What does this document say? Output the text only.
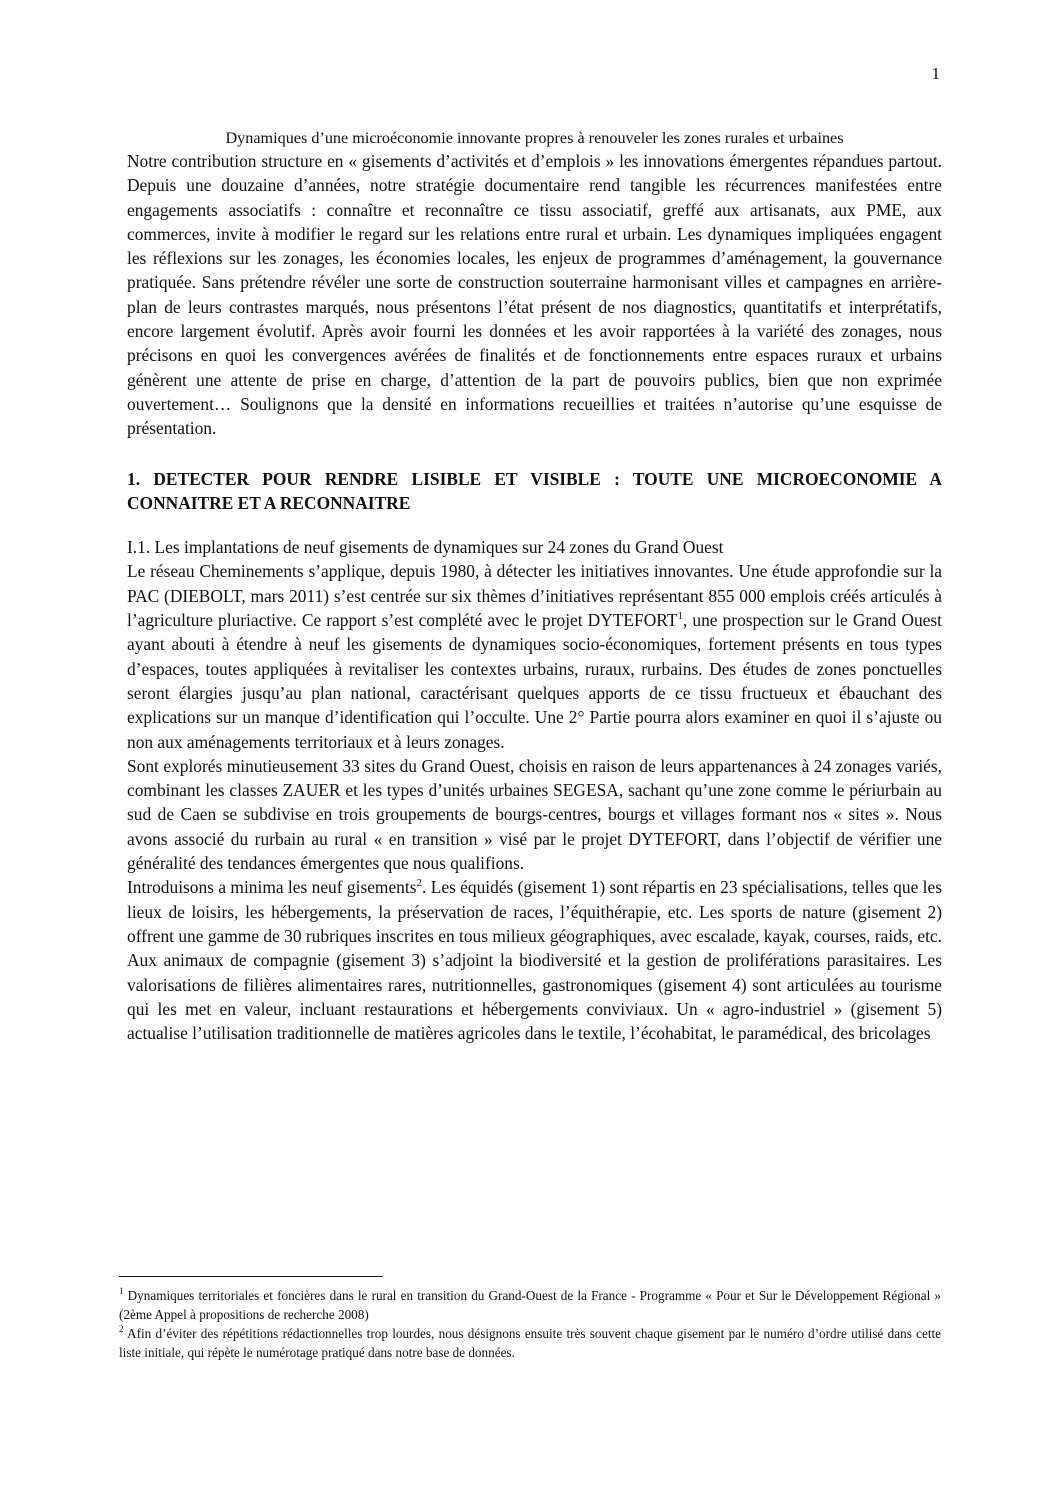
1
Dynamiques d’une microéconomie innovante propres à renouveler les zones rurales et urbaines

Notre contribution structure en « gisements d’activités et d’emplois » les innovations émergentes répandues partout. Depuis une douzaine d’années, notre stratégie documentaire rend tangible les récurrences manifestées entre engagements associatifs : connaître et reconnaître ce tissu associatif, greffé aux artisanats, aux PME, aux commerces, invite à modifier le regard sur les relations entre rural et urbain. Les dynamiques impliquées engagent les réflexions sur les zonages, les économies locales, les enjeux de programmes d’aménagement, la gouvernance pratiquée. Sans prétendre révéler une sorte de construction souterraine harmonisant villes et campagnes en arrière-plan de leurs contrastes marqués, nous présentons l’état présent de nos diagnostics, quantitatifs et interprétatifs, encore largement évolutif. Après avoir fourni les données et les avoir rapportées à la variété des zonages, nous précisons en quoi les convergences avérées de finalités et de fonctionnements entre espaces ruraux et urbains génèrent une attente de prise en charge, d’attention de la part de pouvoirs publics, bien que non exprimée ouvertement… Soulignons que la densité en informations recueillies et traitées n’autorise qu’une esquisse de présentation.

1. DETECTER POUR RENDRE LISIBLE ET VISIBLE : TOUTE UNE MICROECONOMIE A CONNAITRE ET A RECONNAITRE
I.1. Les implantations de neuf gisements de dynamiques sur 24 zones du Grand Ouest

Le réseau Cheminements s’applique, depuis 1980, à détecter les initiatives innovantes. Une étude approfondie sur la PAC (DIEBOLT, mars 2011) s’est centrée sur six thèmes d’initiatives représentant 855 000 emplois créés articulés à l’agriculture pluriactive. Ce rapport s’est complété avec le projet DYTEFORT$^1$, une prospection sur le Grand Ouest ayant abouti à étendre à neuf les gisements de dynamiques socio-économiques, fortement présents en tous types d’espaces, toutes appliquées à revitaliser les contextes urbains, ruraux, rurbains. Des études de zones ponctuelles seront élargies jusqu’au plan national, caractérisant quelques apports de ce tissu fructueux et ébauchant des explications sur un manque d’identification qui l’occulte. Une 2° Partie pourra alors examiner en quoi il s’ajuste ou non aux aménagements territoriaux et à leurs zonages.

Sont explorés minutieusement 33 sites du Grand Ouest, choisis en raison de leurs appartenances à 24 zonages variés, combinant les classes ZAUER et les types d’unités urbaines SEGESA, sachant qu’une zone comme le périurbain au sud de Caen se subdivise en trois groupements de bourgs-centres, bourgs et villages formant nos « sites ». Nous avons associé du rurbain au rural « en transition » visé par le projet DYTEFORT, dans l’objectif de vérifier une généralité des tendances émergentes que nous qualifions.

Introduisons a minima les neuf gisements$^2$. Les équidés (gisement 1) sont répartis en 23 spécialisations, telles que les lieux de loisirs, les hébergements, la préservation de races, l’équithérapie, etc. Les sports de nature (gisement 2) offrent une gamme de 30 rubriques inscrites en tous milieux géographiques, avec escalade, kayak, courses, raids, etc. Aux animaux de compagnie (gisement 3) s’adjoint la biodiversité et la gestion de proliférations parasitaires. Les valorisations de filières alimentaires rares, nutritionnelles, gastronomiques (gisement 4) sont articulées au tourisme qui les met en valeur, incluant restaurations et hébergements conviviaux. Un « agro-industriel » (gisement 5) actualise l’utilisation traditionnelle de matières agricoles dans le textile, l’écohabitat, le paramédical, des bricolages

$^1$ Dynamiques territoriales et foncières dans le rural en transition du Grand-Ouest de la France - Programme « Pour et Sur le Développement Régional » (2ème Appel à propositions de recherche 2008)

$^2$ Afin d’éviter des répétitions rédactionnelles trop lourdes, nous désignons ensuite très souvent chaque gisement par le numéro d’ordre utilisé dans cette liste initiale, qui répète le numérotage pratiqué dans notre base de données.
